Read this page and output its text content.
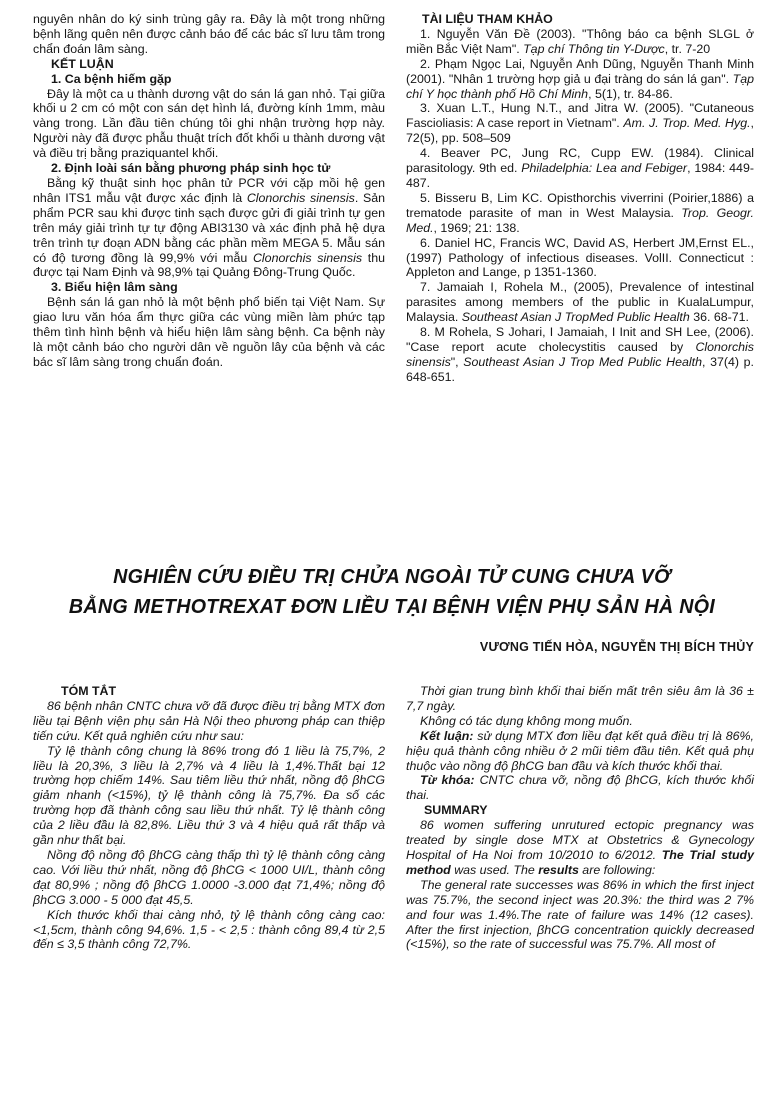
nguyên nhân do ký sinh trùng gây ra. Đây là một trong những bệnh lãng quên nên được cảnh báo để các bác sĩ lưu tâm trong chẩn đoán lâm sàng.

KẾT LUẬN

1. Ca bệnh hiếm gặp

Đây là một ca u thành dương vật do sán lá gan nhỏ. Tại giữa khối u 2 cm có một con sán dẹt hình lá, đường kính 1mm, màu vàng trong. Lần đầu tiên chúng tôi ghi nhận trường hợp này. Người này đã được phẫu thuật trích đốt khối u thành dương vật và điều trị bằng praziquantel khối.

2. Định loài sán bằng phương pháp sinh học tử

Bằng kỹ thuật sinh học phân tử PCR với cặp mồi hệ gen nhân ITS1 mẫu vật được xác định là Clonorchis sinensis. Sản phẩm PCR sau khi được tinh sạch được gửi đi giải trình tự gen trên máy giải trình tự tự động ABI3130 và xác định phả hệ dựa trên trình tự đoạn ADN bằng các phần mềm MEGA 5. Mẫu sán có độ tương đồng là 99,9% với mẫu Clonorchis sinensis thu được tại Nam Định và 98,9% tại Quảng Đông-Trung Quốc.

3. Biểu hiện lâm sàng

Bệnh sán lá gan nhỏ là một bệnh phổ biến tại Việt Nam. Sự giao lưu văn hóa ẩm thực giữa các vùng miền làm phức tạp thêm tình hình bệnh và hiểu hiện lâm sàng bệnh. Ca bệnh này là một cảnh báo cho người dân về nguồn lây của bệnh và các bác sĩ lâm sàng trong chuẩn đoán.

TÀI LIỆU THAM KHẢO

1. Nguyễn Văn Đề (2003). "Thông báo ca bệnh SLGL ở miền Bắc Việt Nam". Tạp chí Thông tin Y-Dược, tr. 7-20

2. Phạm Ngọc Lai, Nguyễn Anh Dũng, Nguyễn Thanh Minh (2001). "Nhân 1 trường hợp giả u đại tràng do sán lá gan". Tạp chí Y học thành phố Hồ Chí Minh, 5(1), tr. 84-86.

3. Xuan L.T., Hung N.T., and Jitra W. (2005). "Cutaneous Fascioliasis: A case report in Vietnam". Am. J. Trop. Med. Hyg., 72(5), pp. 508–509

4. Beaver PC, Jung RC, Cupp EW. (1984). Clinical parasitology. 9th ed. Philadelphia: Lea and Febiger, 1984: 449-487.

5. Bisseru B, Lim KC. Opisthorchis viverrini (Poirier,1886) a trematode parasite of man in West Malaysia. Trop. Geogr. Med., 1969; 21: 138.

6. Daniel HC, Francis WC, David AS, Herbert JM,Ernst EL., (1997) Pathology of infectious diseases. VolII. Connecticut : Appleton and Lange, p 1351-1360.

7. Jamaiah I, Rohela M., (2005), Prevalence of intestinal parasites among members of the public in KualaLumpur, Malaysia. Southeast Asian J TropMed Public Health 36. 68-71.

8. M Rohela, S Johari, I Jamaiah, I Init and SH Lee, (2006). "Case report acute cholecystitis caused by Clonorchis sinensis", Southeast Asian J Trop Med Public Health, 37(4) p. 648-651.

NGHIÊN CỨU ĐIỀU TRỊ CHỬA NGOÀI TỬ CUNG CHƯA VỠ
BẰNG METHOTREXAT ĐƠN LIỀU TẠI BỆNH VIỆN PHỤ SẢN HÀ NỘI
VƯƠNG TIẾN HÒA, NGUYỄN THỊ BÍCH THỦY

TÓM TẮT

86 bệnh nhân CNTC chưa vỡ đã được điều trị bằng MTX đơn liều tại Bệnh viện phụ sản Hà Nội theo phương pháp can thiệp tiến cứu. Kết quả nghiên cứu như sau:

Tỷ lệ thành công chung là 86% trong đó 1 liều là 75,7%, 2 liều là 20,3%, 3 liều là 2,7% và 4 liều là 1,4%.Thất bại 12 trường hợp chiếm 14%. Sau tiêm liều thứ nhất, nồng độ βhCG giảm nhanh (<15%), tỷ lệ thành công là 75,7%. Đa số các trường hợp đã thành công sau liều thứ nhất. Tỷ lệ thành công của 2 liều đầu là 82,8%. Liều thứ 3 và 4 hiệu quả rất thấp và gần như thất bại.

Nồng độ nồng độ βhCG càng thấp thì tỷ lệ thành công càng cao. Với liều thứ nhất, nồng độ βhCG < 1000 UI/L, thành công đạt 80,9% ; nồng độ βhCG 1.0000 -3.000 đạt 71,4%; nồng độ βhCG 3.000 - 5 000 đạt 45,5.

Kích thước khối thai càng nhỏ, tỷ lệ thành công càng cao: <1,5cm, thành công 94,6%. 1,5 - < 2,5 : thành công 89,4 từ 2,5 đến ≤ 3,5 thành công 72,7%.

Thời gian trung bình khối thai biến mất trên siêu âm là 36 ± 7,7 ngày.

Không có tác dụng không mong muốn.

Kết luận: sử dụng MTX đơn liều đạt kết quả điều trị là 86%, hiệu quả thành công nhiều ở 2 mũi tiêm đầu tiên. Kết quả phụ thuộc vào nồng độ βhCG ban đầu và kích thước khối thai.

Từ khóa: CNTC chưa vỡ, nồng độ βhCG, kích thước khối thai.

SUMMARY

86 women suffering unrutured ectopic pregnancy was treated by single dose MTX at Obstetrics & Gynecology Hospital of Ha Noi from 10/2010 to 6/2012. The Trial study method was used. The results are following:

The general rate successes was 86% in which the first inject was 75.7%, the second inject was 20.3%: the third was 2 7% and four was 1.4%.The rate of failure was 14% (12 cases). After the first injection, βhCG concentration quickly decreased (<15%), so the rate of successful was 75.7%. All most of
